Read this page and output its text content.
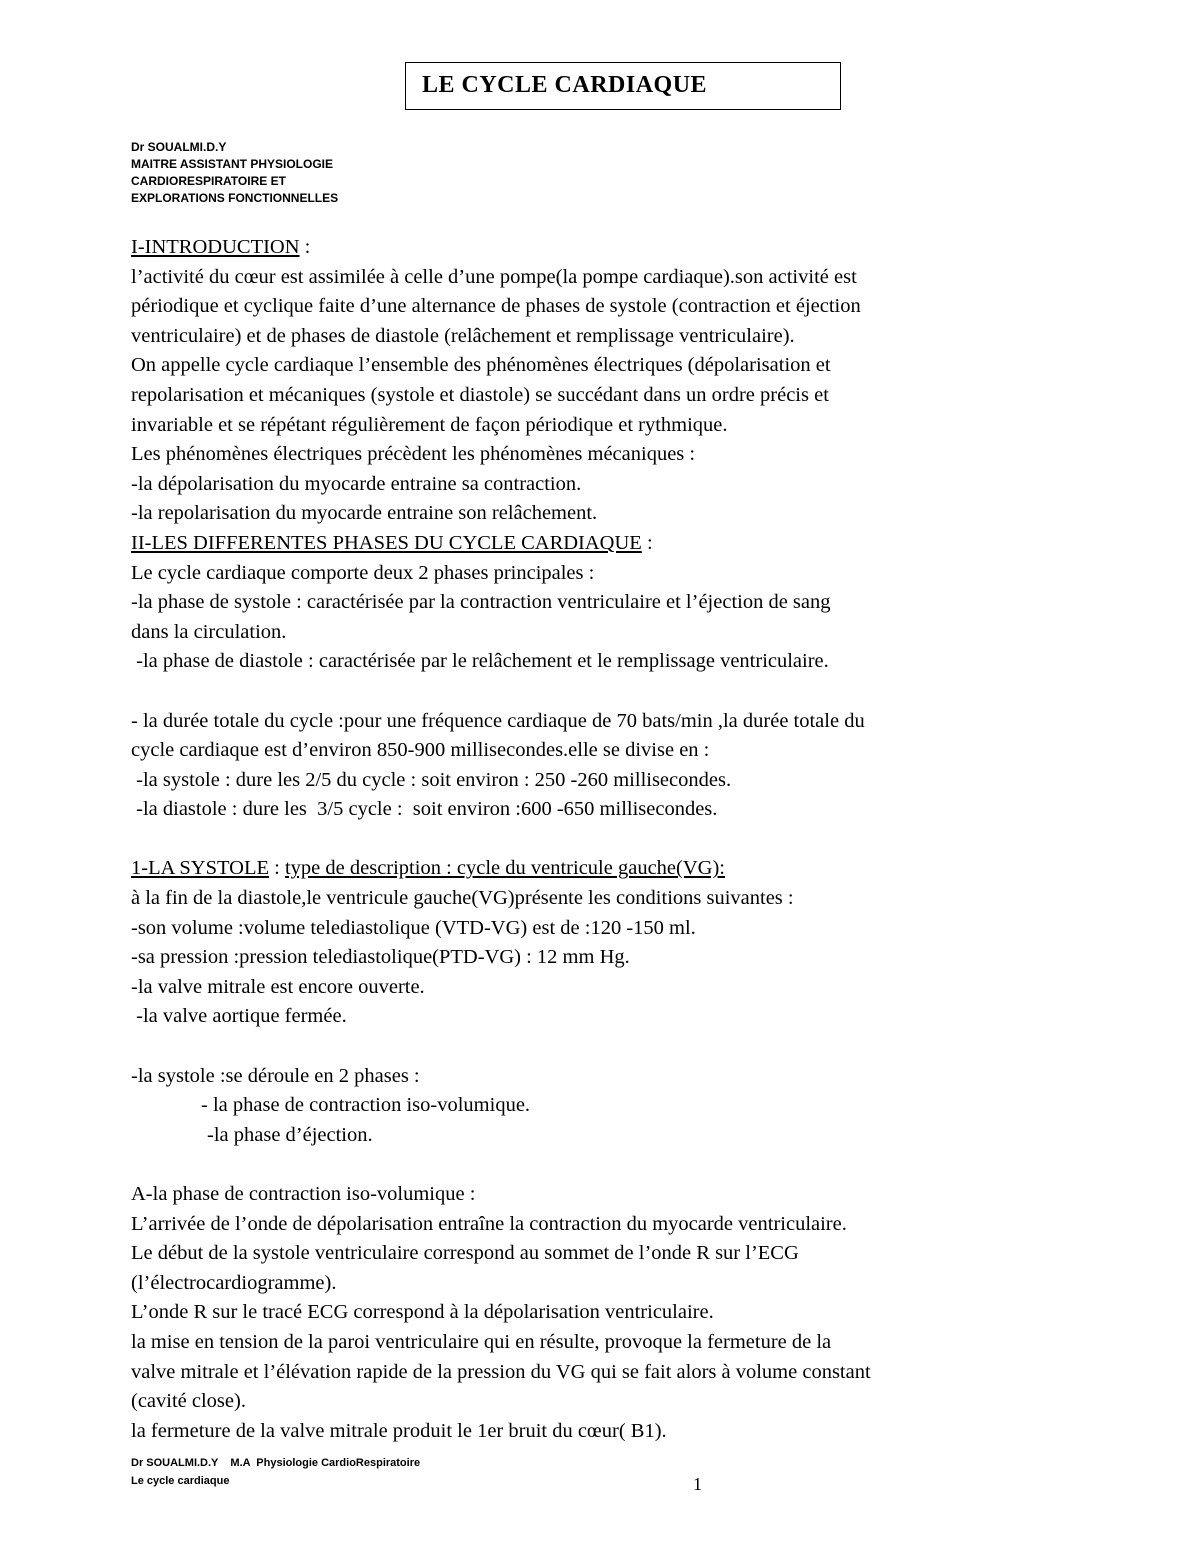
LE CYCLE CARDIAQUE
Dr SOUALMI.D.Y
MAITRE ASSISTANT PHYSIOLOGIE
CARDIORESPIRATOIRE ET
EXPLORATIONS FONCTIONNELLES
I-INTRODUCTION :
l’activité du cœur est assimilée à celle d’une pompe(la pompe cardiaque).son activité est
périodique et cyclique faite d’une alternance de phases de systole (contraction et éjection
ventriculaire) et de phases de diastole (relâchement et remplissage ventriculaire).
On appelle cycle cardiaque l’ensemble des phénomènes électriques (dépolarisation et
repolarisation et mécaniques (systole et diastole) se succédant dans un ordre précis et
invariable et se répétant régulièrement de façon périodique et rythmique.
Les phénomènes électriques précèdent les phénomènes mécaniques :
-la dépolarisation du myocarde entraine sa contraction.
-la repolarisation du myocarde entraine son relâchement.
II-LES DIFFERENTES PHASES DU CYCLE CARDIAQUE :
Le cycle cardiaque comporte deux 2 phases principales :
-la phase de systole : caractérisée par la contraction ventriculaire et l’éjection de sang
dans la circulation.
-la phase de diastole : caractérisée par le relâchement et le remplissage ventriculaire.
- la durée totale du cycle :pour une fréquence cardiaque de 70 bats/min ,la durée totale du
cycle cardiaque est d’environ 850-900 millisecondes.elle se divise en :
-la systole : dure les 2/5 du cycle : soit environ : 250 -260 millisecondes.
-la diastole : dure les  3/5 cycle :  soit environ :600 -650 millisecondes.
1-LA SYSTOLE : type de description : cycle du ventricule gauche(VG):
à la fin de la diastole,le ventricule gauche(VG)présente les conditions suivantes :
-son volume :volume telediastolique (VTD-VG) est de :120 -150 ml.
-sa pression :pression telediastolique(PTD-VG) : 12 mm Hg.
-la valve mitrale est encore ouverte.
-la valve aortique fermée.
-la systole :se déroule en 2 phases :
- la phase de contraction iso-volumique.
-la phase d’éjection.
A-la phase de contraction iso-volumique :
L’arrivée de l’onde de dépolarisation entraîne la contraction du myocarde ventriculaire.
Le début de la systole ventriculaire correspond au sommet de l’onde R sur l’ECG
(l’électrocardiogramme).
L’onde R sur le tracé ECG correspond à la dépolarisation ventriculaire.
la mise en tension de la paroi ventriculaire qui en résulte, provoque la fermeture de la
valve mitrale et l’élévation rapide de la pression du VG qui se fait alors à volume constant
(cavité close).
la fermeture de la valve mitrale produit le 1er bruit du cœur( B1).
Dr SOUALMI.D.Y    M.A  Physiologie CardioRespiratoire
Le cycle cardiaque	1
